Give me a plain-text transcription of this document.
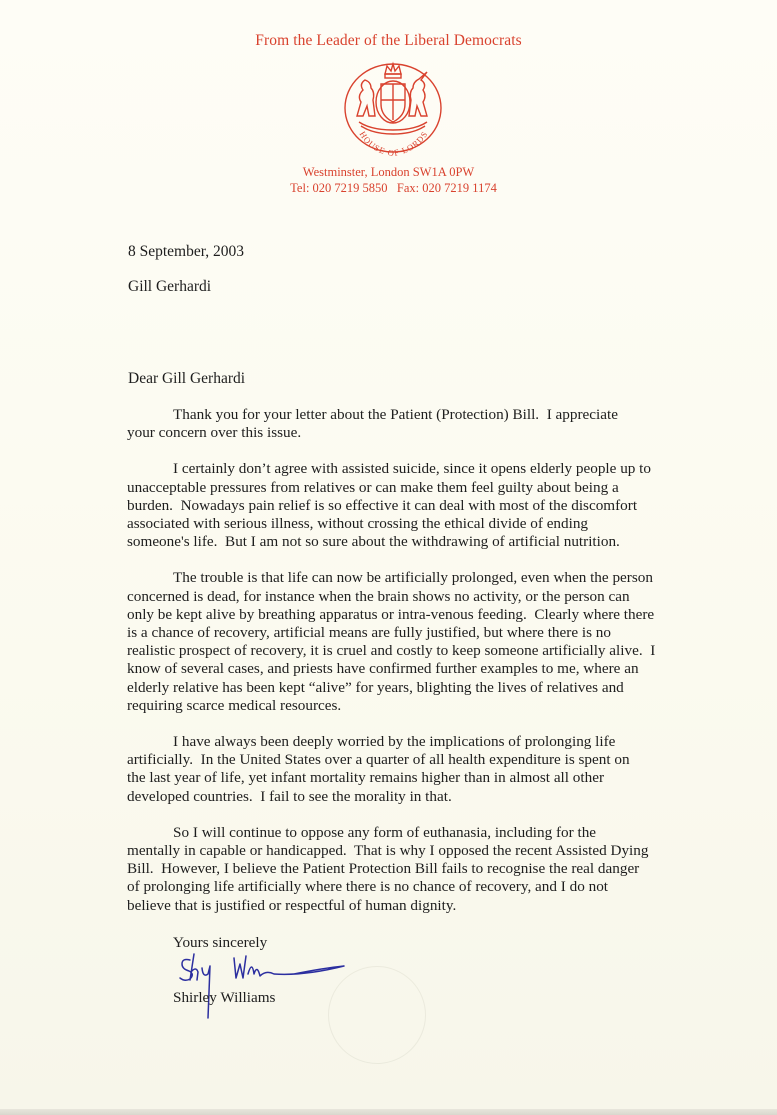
From the Leader of the Liberal Democrats
HOUSE OF LORDS
Westminster, London SW1A 0PW
Tel: 020 7219 5850   Fax: 020 7219 1174
8 September, 2003
Gill Gerhardi
Dear Gill Gerhardi
Thank you for your letter about the Patient (Protection) Bill.  I appreciate
your concern over this issue.
I certainly don’t agree with assisted suicide, since it opens elderly people up to
unacceptable pressures from relatives or can make them feel guilty about being a
burden.  Nowadays pain relief is so effective it can deal with most of the discomfort
associated with serious illness, without crossing the ethical divide of ending
someone's life.  But I am not so sure about the withdrawing of artificial nutrition.
The trouble is that life can now be artificially prolonged, even when the person
concerned is dead, for instance when the brain shows no activity, or the person can
only be kept alive by breathing apparatus or intra-venous feeding.  Clearly where there
is a chance of recovery, artificial means are fully justified, but where there is no
realistic prospect of recovery, it is cruel and costly to keep someone artificially alive.  I
know of several cases, and priests have confirmed further examples to me, where an
elderly relative has been kept “alive” for years, blighting the lives of relatives and
requiring scarce medical resources.
I have always been deeply worried by the implications of prolonging life
artificially.  In the United States over a quarter of all health expenditure is spent on
the last year of life, yet infant mortality remains higher than in almost all other
developed countries.  I fail to see the morality in that.
So I will continue to oppose any form of euthanasia, including for the
mentally in capable or handicapped.  That is why I opposed the recent Assisted Dying
Bill.  However, I believe the Patient Protection Bill fails to recognise the real danger
of prolonging life artificially where there is no chance of recovery, and I do not
believe that is justified or respectful of human dignity.
Yours sincerely
Shirley Williams
